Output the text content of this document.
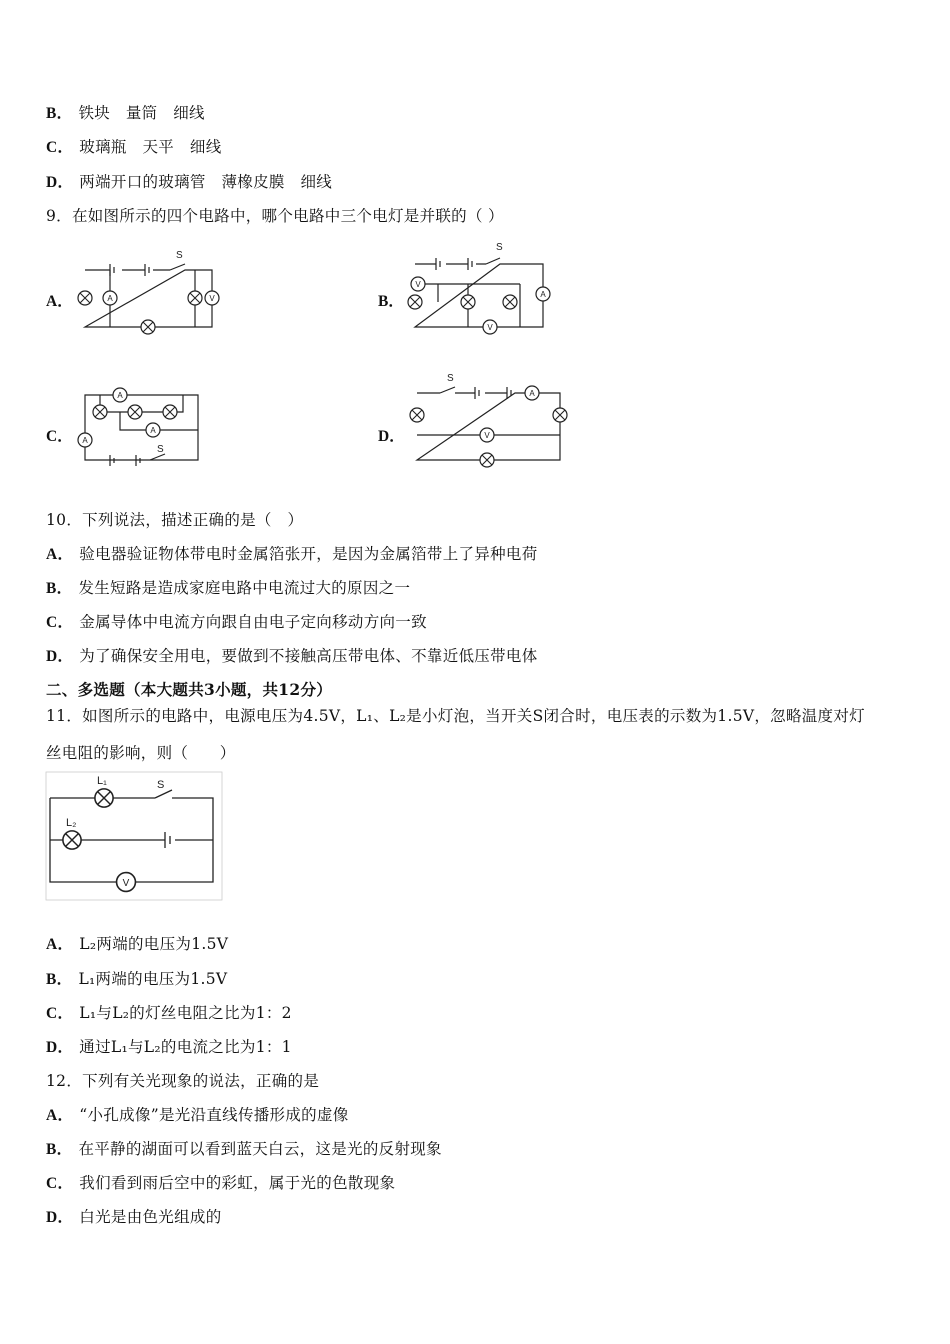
B． 铁块　量筒　细线
C． 玻璃瓶　天平　细线
D． 两端开口的玻璃管　薄橡皮膜　细线
9．在如图所示的四个电路中，哪个电路中三个电灯是并联的（ ）
A．	B．
C．	D．
A	V
V
A
V
A
A
A
A
V
S
S
S
S
V
L₁
L₂
S
10．下列说法，描述正确的是（　）
A． 验电器验证物体带电时金属箔张开，是因为金属箔带上了异种电荷
B． 发生短路是造成家庭电路中电流过大的原因之一
C． 金属导体中电流方向跟自由电子定向移动方向一致
D． 为了确保安全用电，要做到不接触高压带电体、不靠近低压带电体
二、多选题（本大题共3小题，共12分）
11．如图所示的电路中，电源电压为4.5V，L₁、L₂是小灯泡，当开关S闭合时，电压表的示数为1.5V，忽略温度对灯
丝电阻的影响，则（　　）
A． L₂两端的电压为1.5V
B． L₁两端的电压为1.5V
C． L₁与L₂的灯丝电阻之比为1：2
D． 通过L₁与L₂的电流之比为1：1
12．下列有关光现象的说法，正确的是
A． “小孔成像”是光沿直线传播形成的虚像
B． 在平静的湖面可以看到蓝天白云，这是光的反射现象
C． 我们看到雨后空中的彩虹，属于光的色散现象
D． 白光是由色光组成的
